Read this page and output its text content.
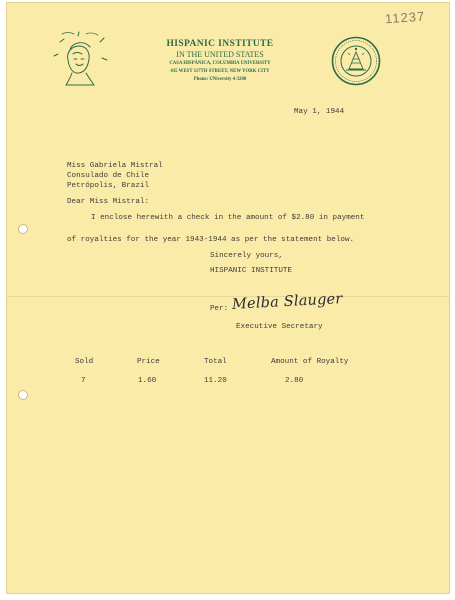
11237
HISPANIC INSTITUTE
IN THE UNITED STATES
CASA HISPÁNICA, COLUMBIA UNIVERSITY
435 WEST 117TH STREET, NEW YORK CITY
Phone: UNiversity 4-3200
May 1, 1944
Miss Gabriela Mistral
Consulado de Chile
Petrópolis, Brazil
Dear Miss Mistral:
I enclose herewith a check in the amount of $2.80 in payment
of royalties for the year 1943-1944 as per the statement below.
Sincerely yours,
HISPANIC INSTITUTE
Per: Melba Slauger
Executive Secretary
Sold	Price	Total	Amount of Royalty
7	1.60	11.20	2.80
